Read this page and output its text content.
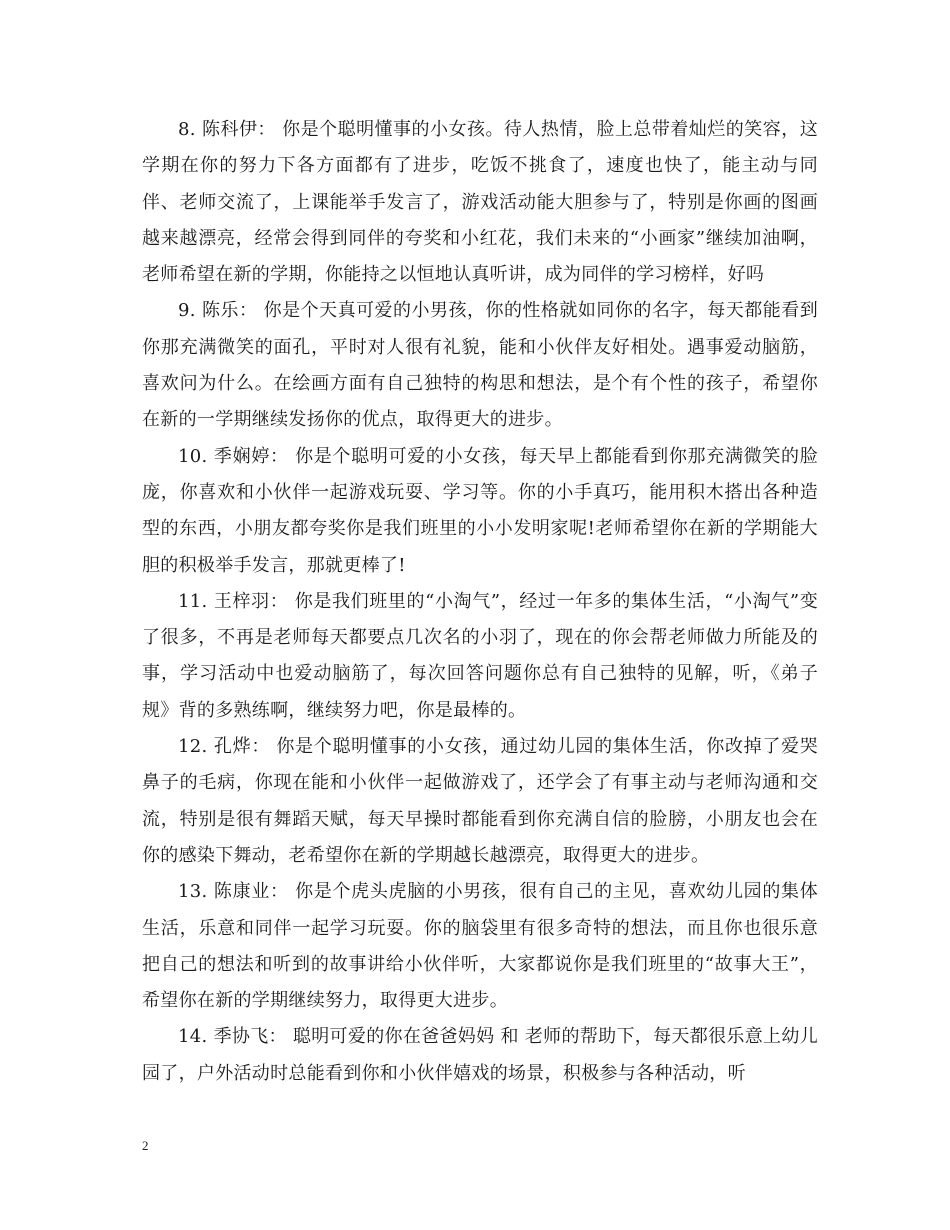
8. 陈科伊： 你是个聪明懂事的小女孩。待人热情，脸上总带着灿烂的笑容，这学期在你的努力下各方面都有了进步，吃饭不挑食了，速度也快了，能主动与同伴、老师交流了，上课能举手发言了，游戏活动能大胆参与了，特别是你画的图画越来越漂亮，经常会得到同伴的夸奖和小红花，我们未来的“小画家”继续加油啊，老师希望在新的学期，你能持之以恒地认真听讲，成为同伴的学习榜样，好吗

9. 陈乐： 你是个天真可爱的小男孩，你的性格就如同你的名字，每天都能看到你那充满微笑的面孔，平时对人很有礼貌，能和小伙伴友好相处。遇事爱动脑筋，喜欢问为什么。在绘画方面有自己独特的构思和想法，是个有个性的孩子，希望你在新的一学期继续发扬你的优点，取得更大的进步。

10. 季娴婷： 你是个聪明可爱的小女孩，每天早上都能看到你那充满微笑的脸庞，你喜欢和小伙伴一起游戏玩耍、学习等。你的小手真巧，能用积木搭出各种造型的东西，小朋友都夸奖你是我们班里的小小发明家呢!老师希望你在新的学期能大胆的积极举手发言，那就更棒了!

11. 王梓羽： 你是我们班里的“小淘气”，经过一年多的集体生活，“小淘气”变了很多，不再是老师每天都要点几次名的小羽了，现在的你会帮老师做力所能及的事，学习活动中也爱动脑筋了，每次回答问题你总有自己独特的见解，听，《弟子规》背的多熟练啊，继续努力吧，你是最棒的。

12. 孔烨： 你是个聪明懂事的小女孩，通过幼儿园的集体生活，你改掉了爱哭鼻子的毛病，你现在能和小伙伴一起做游戏了，还学会了有事主动与老师沟通和交流，特别是很有舞蹈天赋，每天早操时都能看到你充满自信的脸膀，小朋友也会在你的感染下舞动，老希望你在新的学期越长越漂亮，取得更大的进步。

13. 陈康业： 你是个虎头虎脑的小男孩，很有自己的主见，喜欢幼儿园的集体生活，乐意和同伴一起学习玩耍。你的脑袋里有很多奇特的想法，而且你也很乐意把自己的想法和听到的故事讲给小伙伴听，大家都说你是我们班里的“故事大王”，希望你在新的学期继续努力，取得更大进步。

14. 季协飞： 聪明可爱的你在爸爸妈妈 和 老师的帮助下，每天都很乐意上幼儿园了，户外活动时总能看到你和小伙伴嬉戏的场景，积极参与各种活动，听

2
